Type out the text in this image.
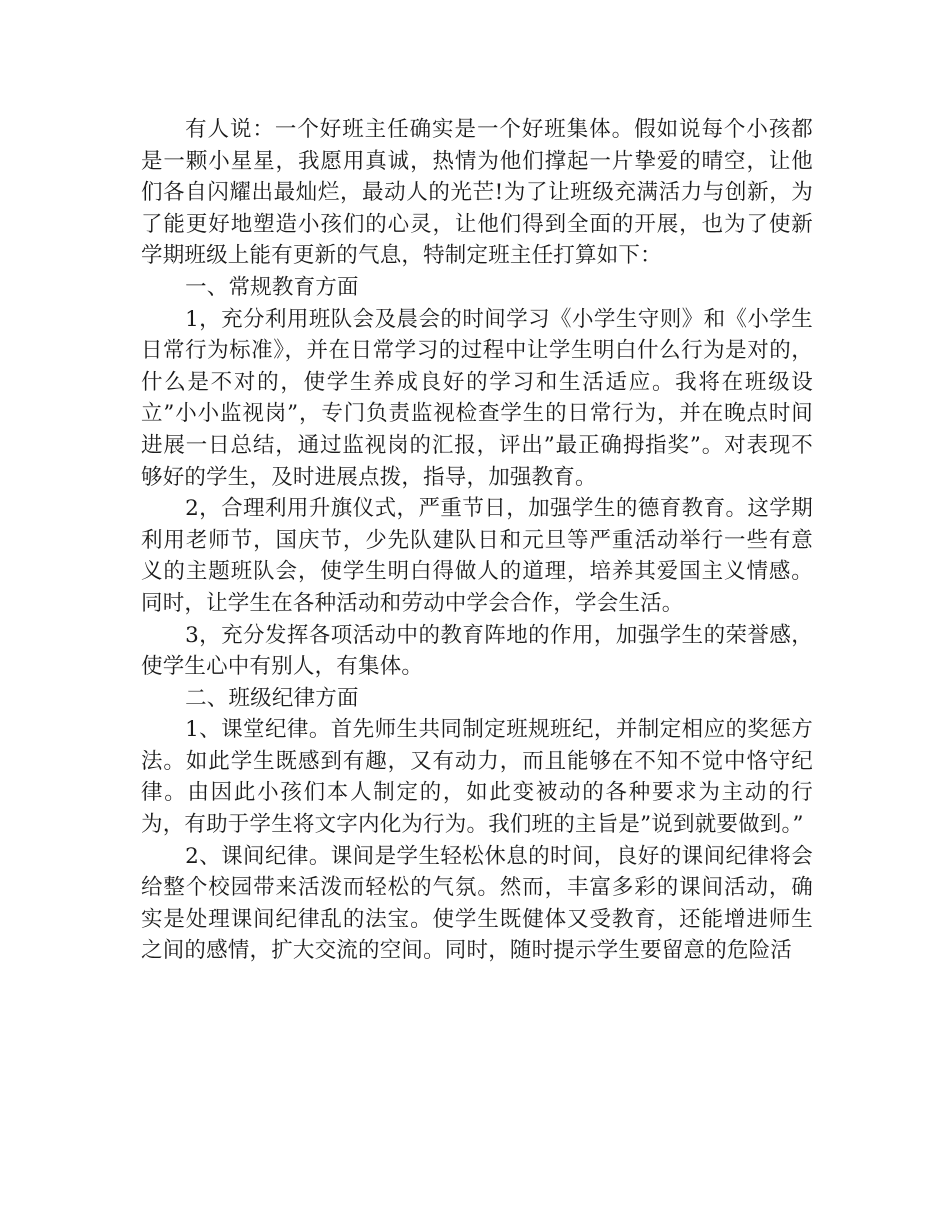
有人说：一个好班主任确实是一个好班集体。假如说每个小孩都是一颗小星星，我愿用真诚，热情为他们撑起一片挚爱的晴空，让他们各自闪耀出最灿烂，最动人的光芒!为了让班级充满活力与创新，为了能更好地塑造小孩们的心灵，让他们得到全面的开展，也为了使新学期班级上能有更新的气息，特制定班主任打算如下：

一、常规教育方面

1，充分利用班队会及晨会的时间学习《小学生守则》和《小学生日常行为标准》，并在日常学习的过程中让学生明白什么行为是对的，什么是不对的，使学生养成良好的学习和生活适应。我将在班级设立”小小监视岗”，专门负责监视检查学生的日常行为，并在晚点时间进展一日总结，通过监视岗的汇报，评出”最正确拇指奖”。对表现不够好的学生，及时进展点拨，指导，加强教育。

2，合理利用升旗仪式，严重节日，加强学生的德育教育。这学期利用老师节，国庆节，少先队建队日和元旦等严重活动举行一些有意义的主题班队会，使学生明白得做人的道理，培养其爱国主义情感。同时，让学生在各种活动和劳动中学会合作，学会生活。

3，充分发挥各项活动中的教育阵地的作用，加强学生的荣誉感，使学生心中有别人，有集体。

二、班级纪律方面

1、课堂纪律。首先师生共同制定班规班纪，并制定相应的奖惩方法。如此学生既感到有趣，又有动力，而且能够在不知不觉中恪守纪律。由因此小孩们本人制定的，如此变被动的各种要求为主动的行为，有助于学生将文字内化为行为。我们班的主旨是”说到就要做到。”

2、课间纪律。课间是学生轻松休息的时间，良好的课间纪律将会给整个校园带来活泼而轻松的气氛。然而，丰富多彩的课间活动，确实是处理课间纪律乱的法宝。使学生既健体又受教育，还能增进师生之间的感情，扩大交流的空间。同时，随时提示学生要留意的危险活
